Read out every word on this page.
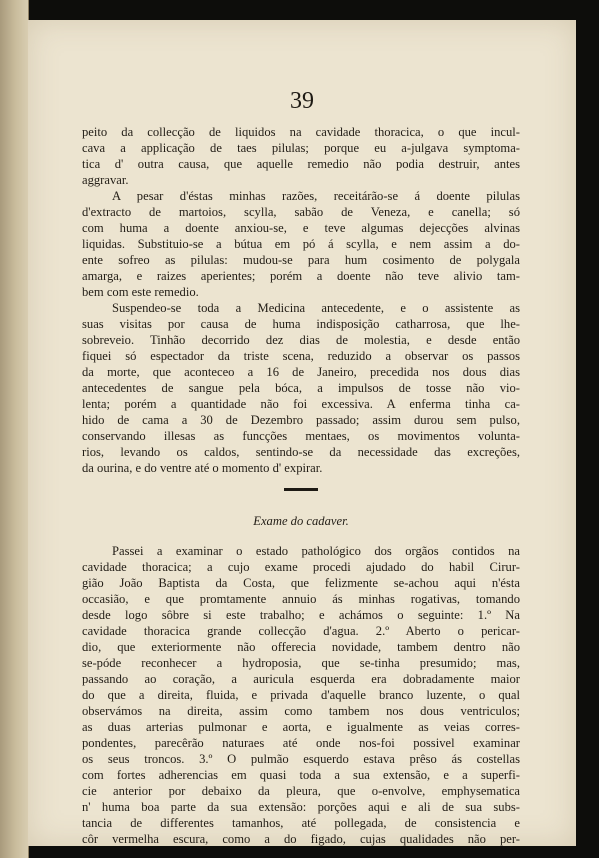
39
peito da collecção de liquidos na cavidade thoracica, o que incul-
cava a applicação de taes pilulas; porque eu a-julgava symptoma-
tica d' outra causa, que aquelle remedio não podia destruir, antes
aggravar.
A pesar d'éstas minhas razões, receitárão-se á doente pilulas
d'extracto de martoios, scylla, sabão de Veneza, e canella; só
com huma a doente anxiou-se, e teve algumas dejecções alvinas
liquidas. Substituio-se a bútua em pó á scylla, e nem assim a do-
ente sofreo as pilulas: mudou-se para hum cosimento de polygala
amarga, e raizes aperientes; porém a doente não teve alivio tam-
bem com este remedio.
Suspendeo-se toda a Medicina antecedente, e o assistente as
suas visitas por causa de huma indisposição catharrosa, que lhe-
sobreveio. Tinhão decorrido dez dias de molestia, e desde então
fiquei só espectador da triste scena, reduzido a observar os passos
da morte, que aconteceo a 16 de Janeiro, precedida nos dous dias
antecedentes de sangue pela bóca, a impulsos de tosse não vio-
lenta; porém a quantidade não foi excessiva. A enferma tinha ca-
hido de cama a 30 de Dezembro passado; assim durou sem pulso,
conservando illesas as funcções mentaes, os movimentos volunta-
rios, levando os caldos, sentindo-se da necessidade das excreções,
da ourina, e do ventre até o momento d' expirar.
Exame do cadaver.
Passei a examinar o estado pathológico dos orgãos contidos na
cavidade thoracica; a cujo exame procedi ajudado do habil Cirur-
gião João Baptista da Costa, que felizmente se-achou aqui n'ésta
occasião, e que promtamente annuio ás minhas rogativas, tomando
desde logo sôbre si este trabalho; e achámos o seguinte: 1.º Na
cavidade thoracica grande collecção d'agua. 2.º Aberto o pericar-
dio, que exteriormente não offerecia novidade, tambem dentro não
se-póde reconhecer a hydroposia, que se-tinha presumido; mas,
passando ao coração, a auricula esquerda era dobradamente maior
do que a direita, fluida, e privada d'aquelle branco luzente, o qual
observámos na direita, assim como tambem nos dous ventriculos;
as duas arterias pulmonar e aorta, e igualmente as veias corres-
pondentes, parecêrão naturaes até onde nos-foi possivel examinar
os seus troncos. 3.º O pulmão esquerdo estava prêso ás costellas
com fortes adherencias em quasi toda a sua extensão, e a superfi-
cie anterior por debaixo da pleura, que o-envolve, emphysematica
n' huma boa parte da sua extensão: porções aqui e ali de sua subs-
tancia de differentes tamanhos, até pollegada, de consistencia e
côr vermelha escura, como a do figado, cujas qualidades não per-
